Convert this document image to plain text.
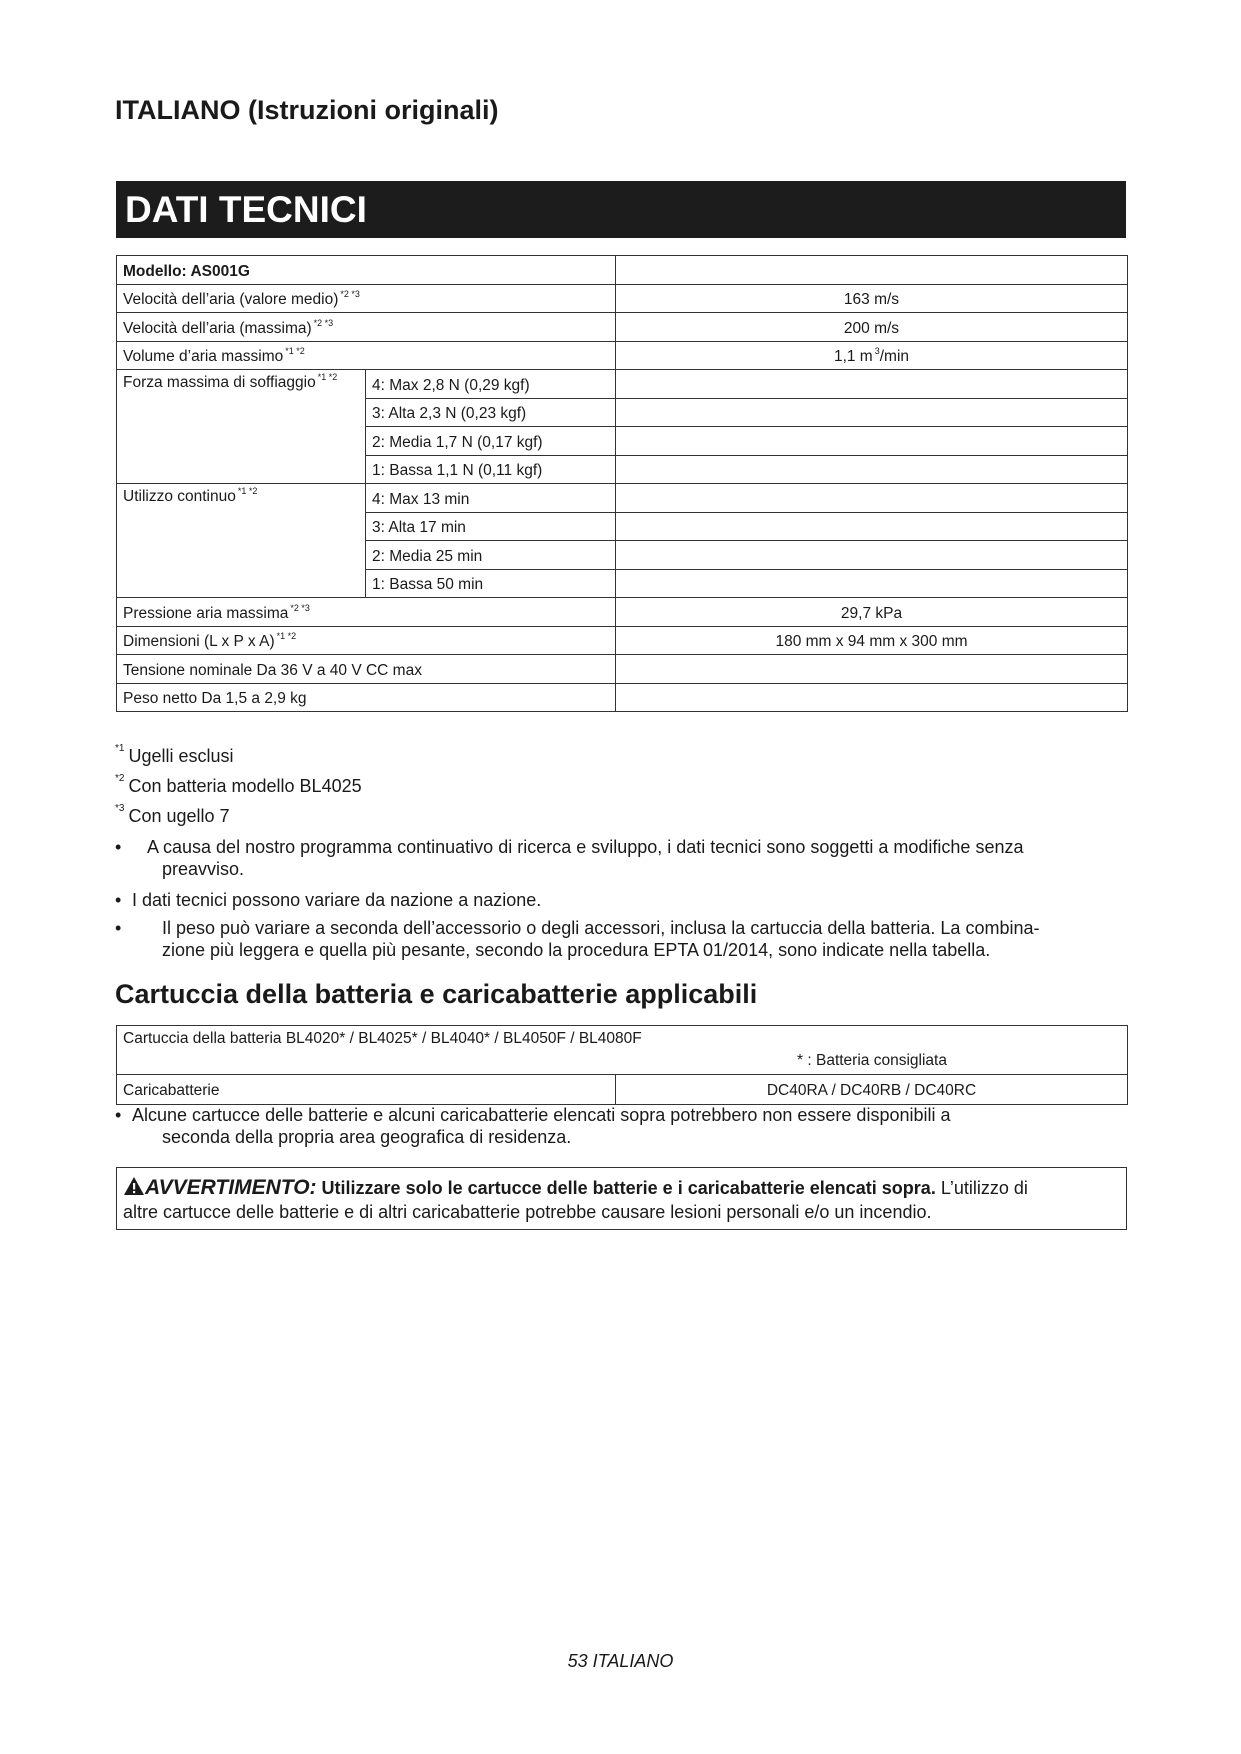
ITALIANO (Istruzioni originali)
DATI TECNICI
Modello: AS001G		
Velocità dell’aria (valore medio) $^{*2 *3}$		163 m/s
Velocità dell’aria (massima) $^{*2 *3}$		200 m/s
Volume d’aria massimo $^{*1 *2}$		1,1 m $^3$/min
Forza massima di soffiaggio $^{*1 *2}$	4: Max 2,8 N (0,29 kgf)	
	3: Alta 2,3 N (0,23 kgf)	
	2: Media 1,7 N (0,17 kgf)	
	1: Bassa 1,1 N (0,11 kgf)	
Utilizzo continuo $^{*1 *2}$	4: Max 13 min	
	3: Alta 17 min	
	2: Media 25 min	
	1: Bassa 50 min	
Pressione aria massima $^{*2 *3}$		29,7 kPa
Dimensioni (L x P x A) $^{*1 *2}$		180 mm x 94 mm x 300 mm
Tensione nominale Da 36 V a 40 V CC max		
Peso netto Da 1,5 a 2,9 kg		
$^{*1}$ Ugelli esclusi
$^{*2}$ Con batteria modello BL4025
$^{*3}$ Con ugello 7
•	A causa del nostro programma continuativo di ricerca e sviluppo, i dati tecnici sono soggetti a modifiche senza
preavviso.
• I dati tecnici possono variare da nazione a nazione.
•	Il peso può variare a seconda dell’accessorio o degli accessori, inclusa la cartuccia della batteria. La combina-
zione più leggera e quella più pesante, secondo la procedura EPTA 01/2014, sono indicate nella tabella.
Cartuccia della batteria e caricabatterie applicabili
Cartuccia della batteria BL4020* / BL4025* / BL4040* / BL4050F / BL4080F
* : Batteria consigliata

Caricabatterie	DC40RA / DC40RB / DC40RC
• Alcune cartucce delle batterie e alcuni caricabatterie elencati sopra potrebbero non essere disponibili a
seconda della propria area geografica di residenza.
AVVERTIMENTO: Utilizzare solo le cartucce delle batterie e i caricabatterie elencati sopra. L’utilizzo di
altre cartucce delle batterie e di altri caricabatterie potrebbe causare lesioni personali e/o un incendio.
53 ITALIANO
